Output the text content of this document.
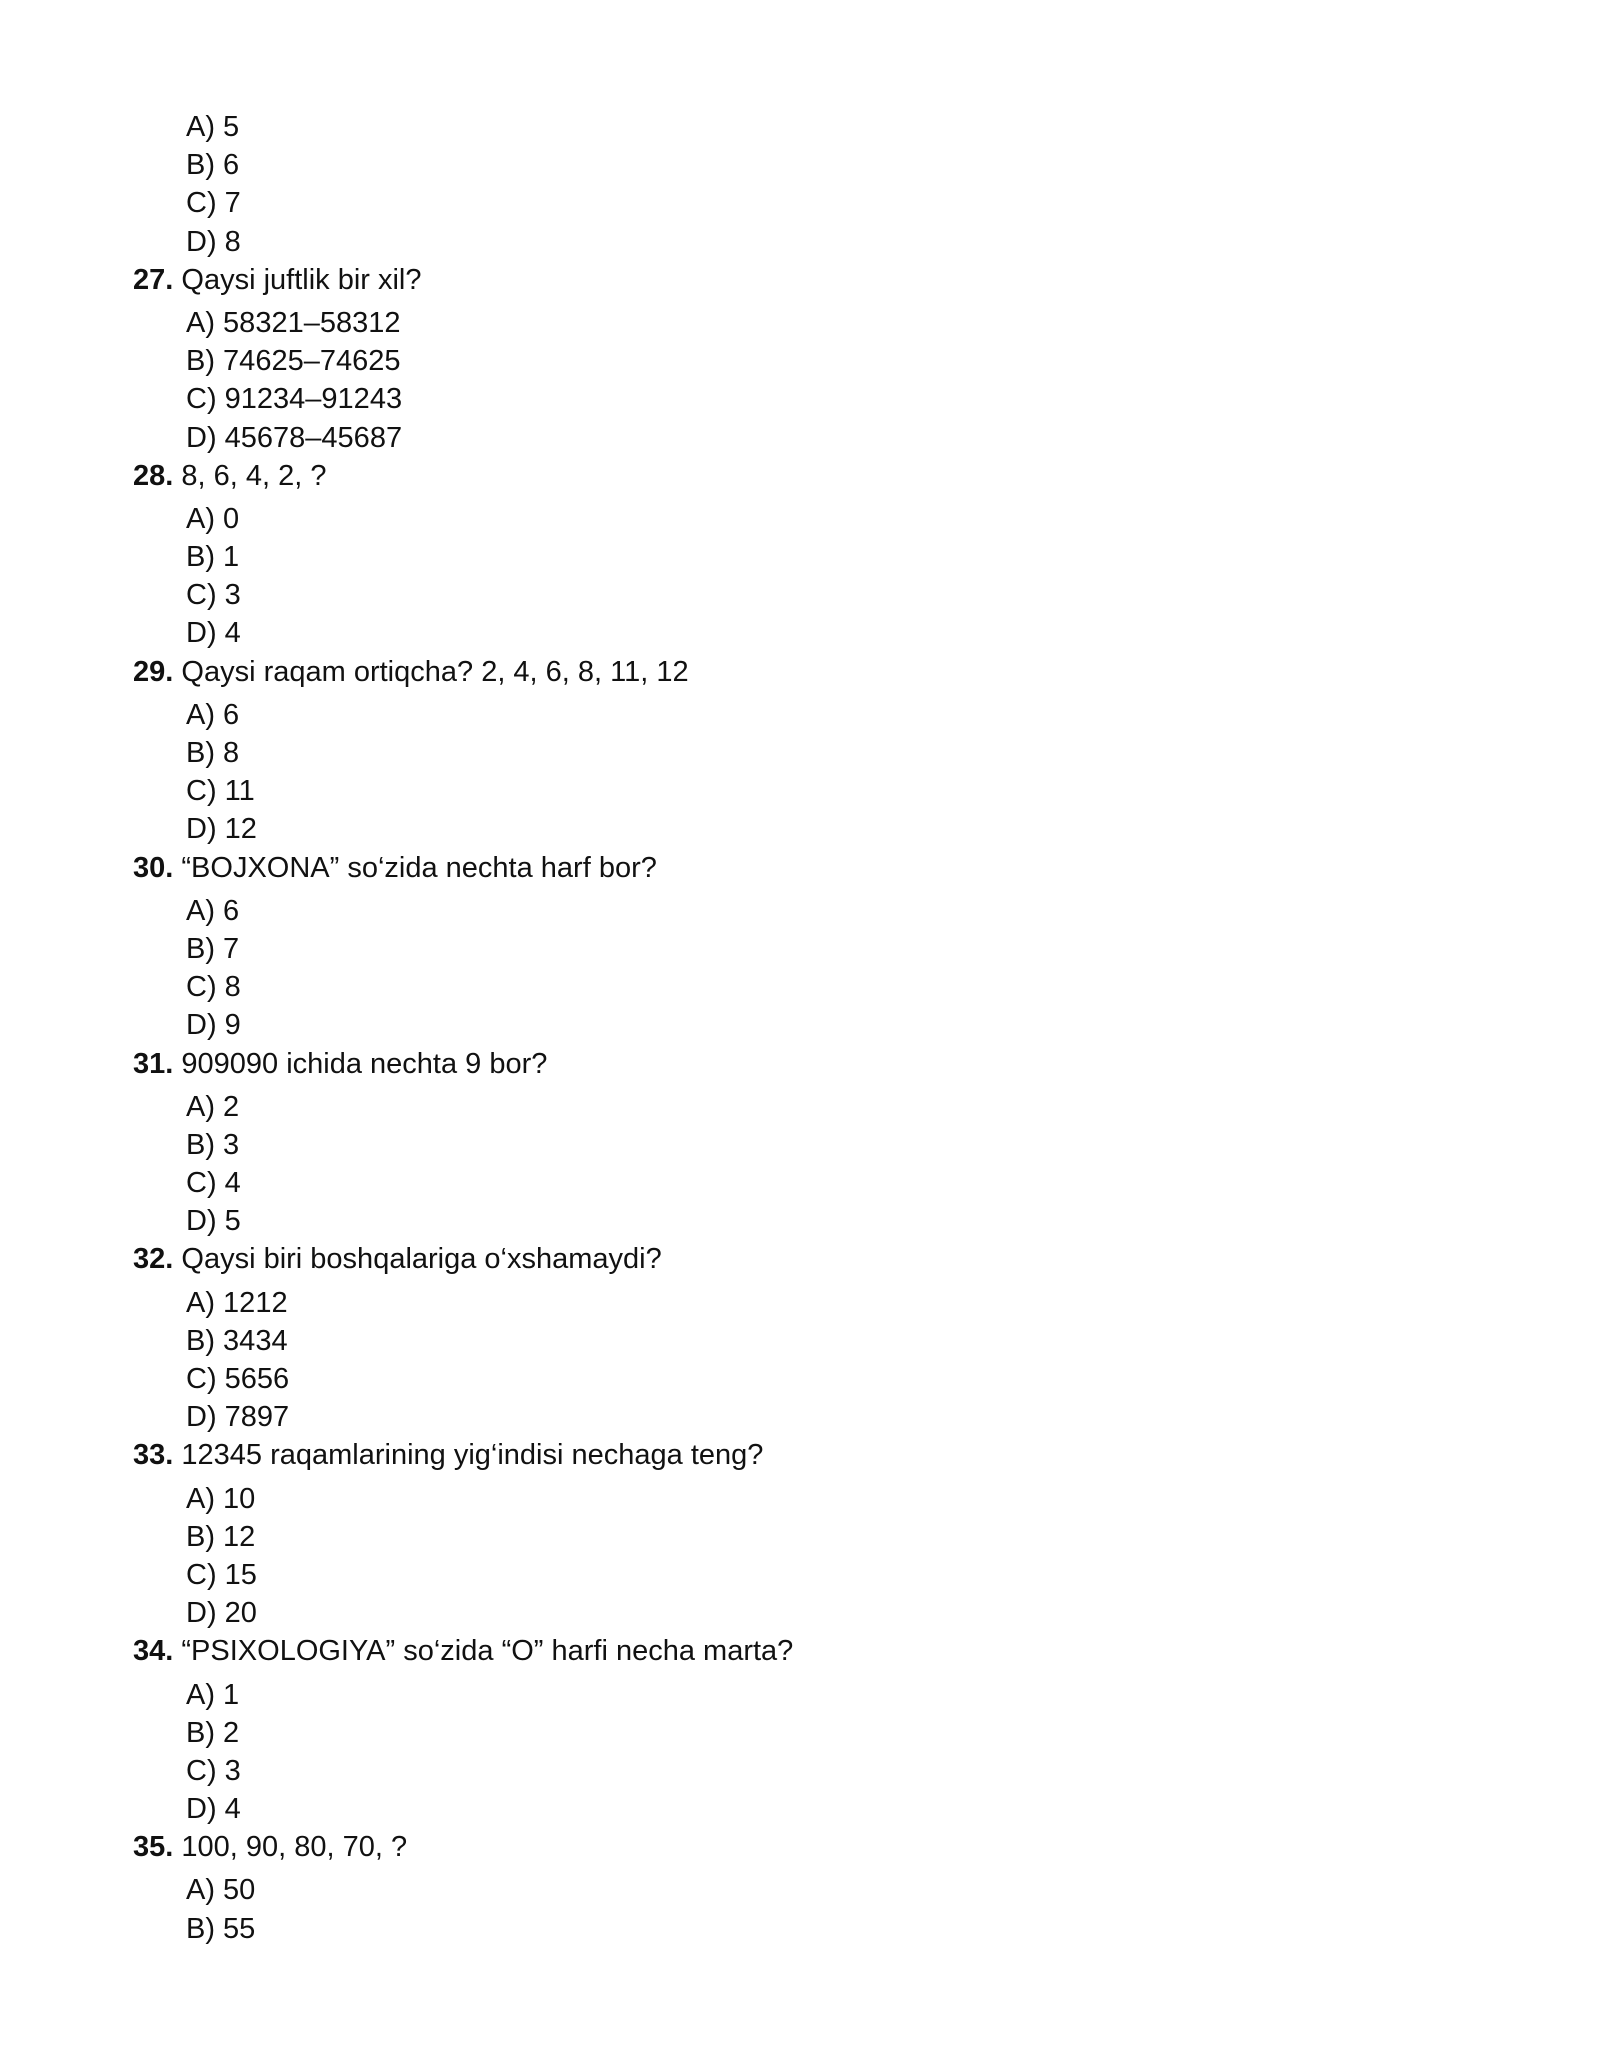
A) 5
B) 6
C) 7
D) 8
27. Qaysi juftlik bir xil?
A) 58321–58312
B) 74625–74625
C) 91234–91243
D) 45678–45687
28. 8, 6, 4, 2, ?
A) 0
B) 1
C) 3
D) 4
29. Qaysi raqam ortiqcha? 2, 4, 6, 8, 11, 12
A) 6
B) 8
C) 11
D) 12
30. “BOJXONA” so‘zida nechta harf bor?
A) 6
B) 7
C) 8
D) 9
31. 909090 ichida nechta 9 bor?
A) 2
B) 3
C) 4
D) 5
32. Qaysi biri boshqalariga o‘xshamaydi?
A) 1212
B) 3434
C) 5656
D) 7897
33. 12345 raqamlarining yig‘indisi nechaga teng?
A) 10
B) 12
C) 15
D) 20
34. “PSIXOLOGIYA” so‘zida “O” harfi necha marta?
A) 1
B) 2
C) 3
D) 4
35. 100, 90, 80, 70, ?
A) 50
B) 55
